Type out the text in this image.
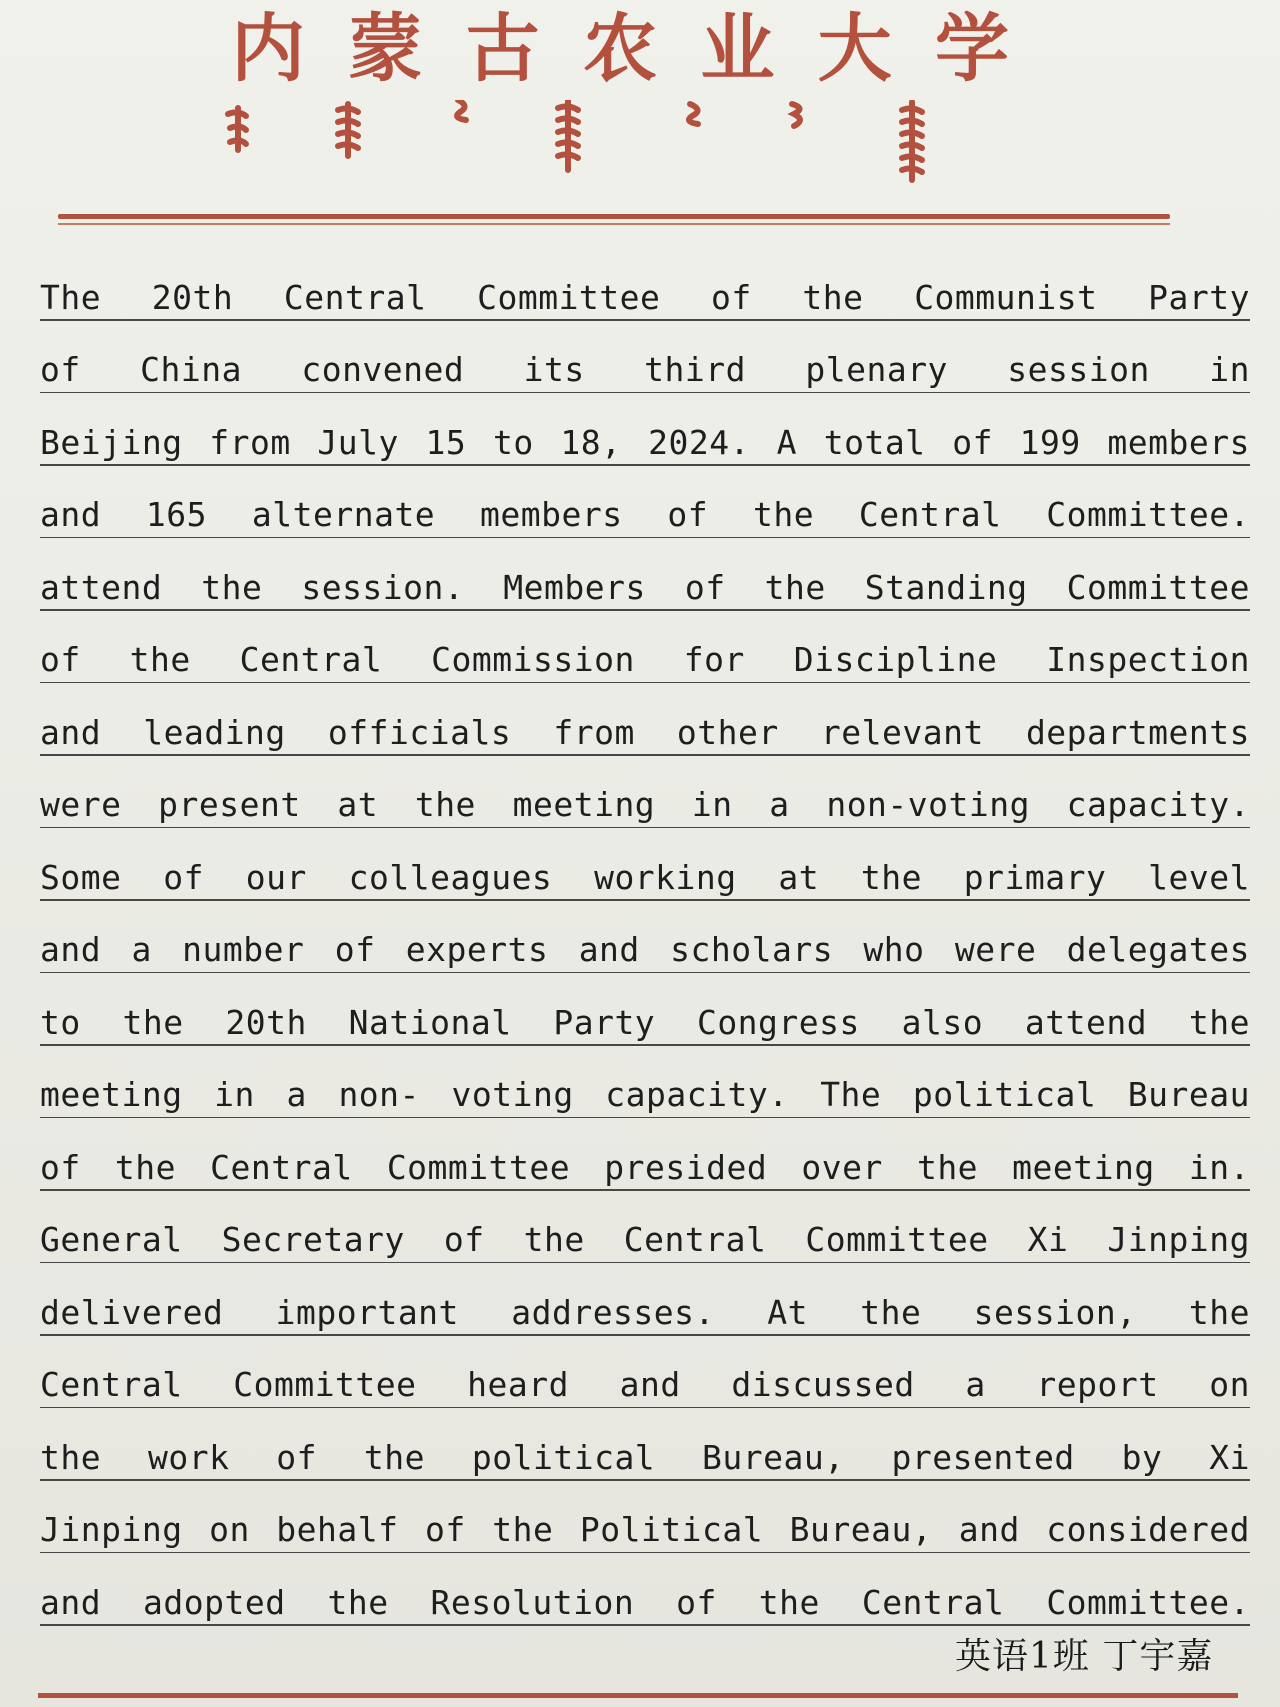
内 蒙 古 农 业 大 学
The 20th Central Committee of the Communist Party
of China convened its third plenary session in
Beijing from July 15 to 18, 2024. A total of 199 members
and 165 alternate members of the Central Committee.
attend the session. Members of the Standing Committee
of the Central Commission for Discipline Inspection
and leading officials from other relevant departments
were present at the meeting in a non-voting capacity.
Some of our colleagues working at the primary level
and a number of experts and scholars who were delegates
to the 20th National Party Congress also attend the
meeting in a non- voting capacity. The political Bureau
of the Central Committee presided over the meeting in.
General Secretary of the Central Committee Xi Jinping
delivered important addresses. At the session, the
Central Committee heard and discussed a report on
the work of the political Bureau, presented by Xi
Jinping on behalf of the Political Bureau, and considered
and adopted the Resolution of the Central Committee.
英语1班 丁宇嘉
